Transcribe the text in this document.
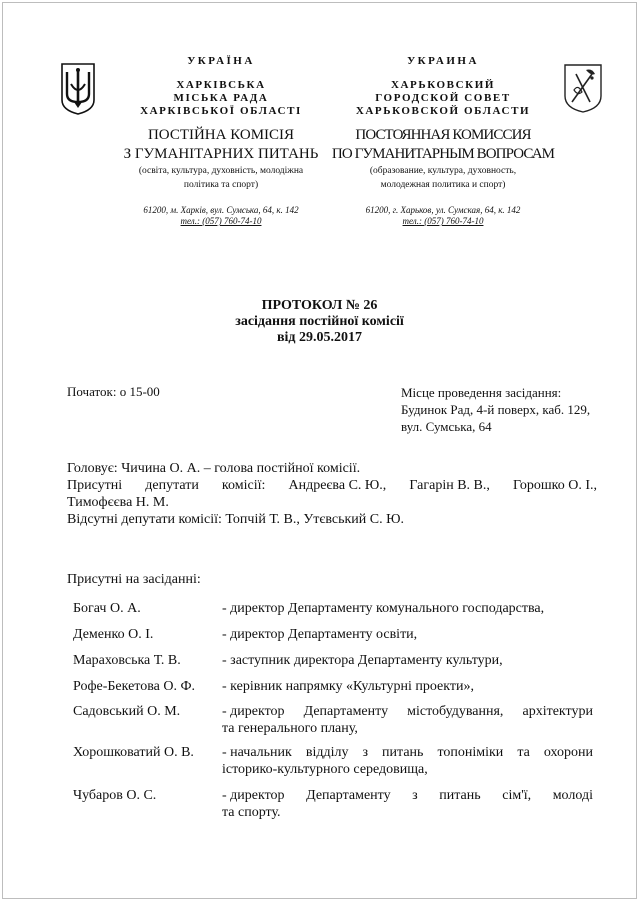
УКРАЇНА
ХАРКІВСЬКА
МІСЬКА РАДА
ХАРКІВСЬКОЇ ОБЛАСТІ
ПОСТІЙНА КОМІСІЯ
З ГУМАНІТАРНИХ ПИТАНЬ
(освіта, культура, духовність, молодіжна
політика та спорт)
61200, м. Харків, вул. Сумська, 64, к. 142
тел.: (057) 760-74-10
УКРАИНА
ХАРЬКОВСКИЙ
ГОРОДСКОЙ СОВЕТ
ХАРЬКОВСКОЙ ОБЛАСТИ
ПОСТОЯННАЯ КОМИССИЯ
ПО ГУМАНИТАРНЫМ ВОПРОСАМ
(образование, культура, духовность,
молодежная политика и спорт)
61200, г. Харьков, ул. Сумская, 64, к. 142
тел.: (057) 760-74-10
ПРОТОКОЛ № 26
засідання постійної комісії
від 29.05.2017
Початок: о 15-00	Місце проведення засідання:
Будинок Рад, 4-й поверх, каб. 129,
вул. Сумська, 64
Головує: Чичина О. А. – голова постійної комісії.
Присутні депутати комісії: Андреєва С. Ю., Гагарін В. В., Горошко О. І.,
Тимофєєва Н. М.
Відсутні депутати комісії: Топчій Т. В., Утєвський С. Ю.
Присутні на засіданні:
Богач О. А.	- директор Департаменту комунального господарства,
Деменко О. І.	- директор Департаменту освіти,
Мараховська Т. В.	- заступник директора Департаменту культури,
Рофе-Бекетова О. Ф. - керівник напрямку «Культурні проекти»,
Садовський О. М.	- директор Департаменту містобудування, архітектури
та генерального плану,
Хорошковатий О. В. - начальник відділу з питань топоніміки та охорони
історико-культурного середовища,
Чубаров О. С.	- директор Департаменту з питань сім'ї, молоді
та спорту.
